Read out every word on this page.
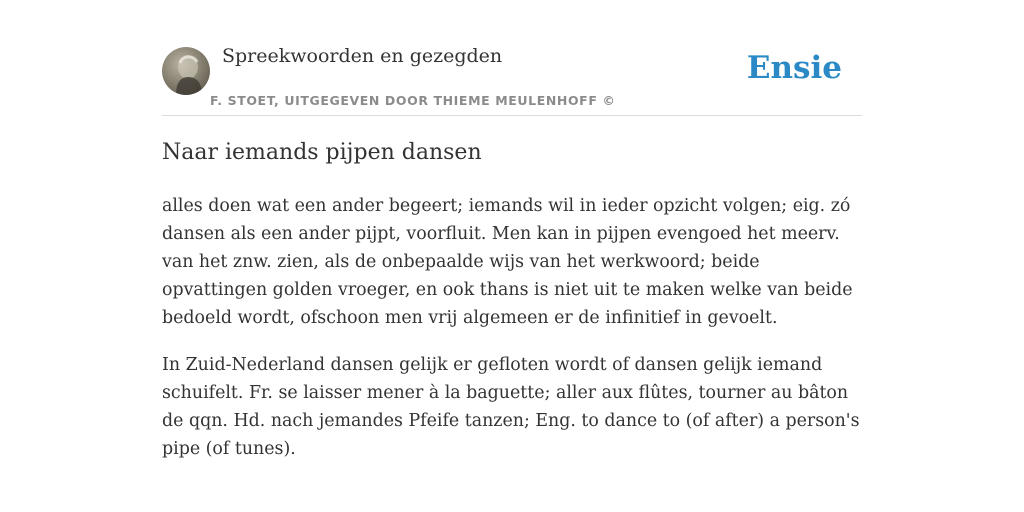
Spreekwoorden en gezegden
F. STOET, UITGEGEVEN DOOR THIEME MEULENHOFF ©
Ensie
Naar iemands pijpen dansen

alles doen wat een ander begeert; iemands wil in ieder opzicht volgen; eig. zó dansen als een ander pijpt, voorfluit. Men kan in pijpen evengoed het meerv. van het znw. zien, als de onbepaalde wijs van het werkwoord; beide opvattingen golden vroeger, en ook thans is niet uit te maken welke van beide bedoeld wordt, ofschoon men vrij algemeen er de infinitief in gevoelt.

In Zuid-Nederland dansen gelijk er gefloten wordt of dansen gelijk iemand schuifelt. Fr. se laisser mener à la baguette; aller aux flûtes, tourner au bâton de qqn. Hd. nach jemandes Pfeife tanzen; Eng. to dance to (of after) a person's pipe (of tunes).
